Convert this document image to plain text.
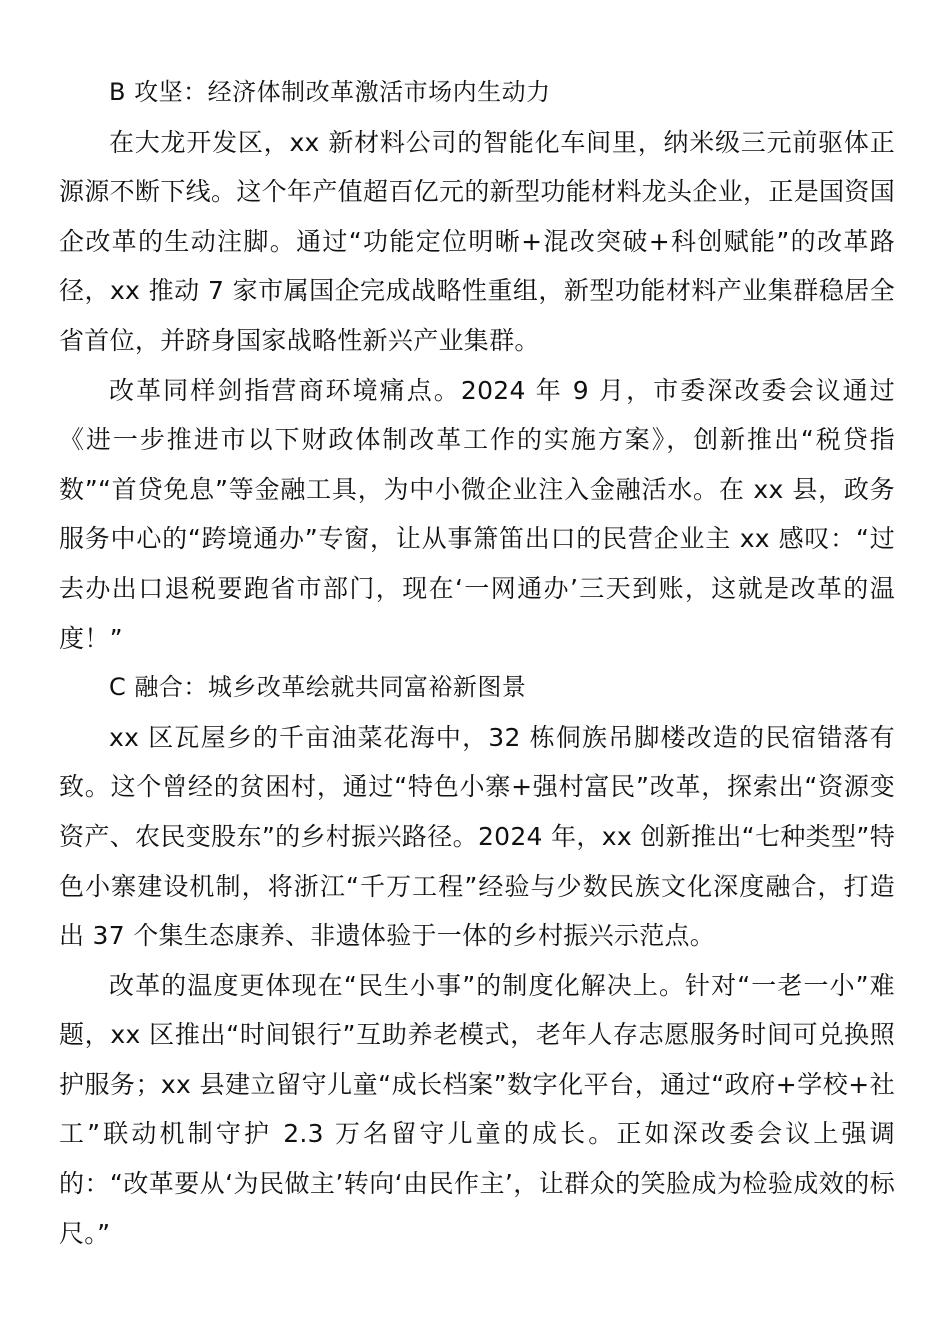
B 攻坚：经济体制改革激活市场内生动力

在大龙开发区，xx 新材料公司的智能化车间里，纳米级三元前驱体正源源不断下线。这个年产值超百亿元的新型功能材料龙头企业，正是国资国企改革的生动注脚。通过“功能定位明晰+混改突破+科创赋能”的改革路径，xx 推动 7 家市属国企完成战略性重组，新型功能材料产业集群稳居全省首位，并跻身国家战略性新兴产业集群。

改革同样剑指营商环境痛点。2024 年 9 月，市委深改委会议通过《进一步推进市以下财政体制改革工作的实施方案》，创新推出“税贷指数”“首贷免息”等金融工具，为中小微企业注入金融活水。在 xx 县，政务服务中心的“跨境通办”专窗，让从事箫笛出口的民营企业主 xx 感叹：“过去办出口退税要跑省市部门，现在‘一网通办’三天到账，这就是改革的温度！”

C 融合：城乡改革绘就共同富裕新图景

xx 区瓦屋乡的千亩油菜花海中，32 栋侗族吊脚楼改造的民宿错落有致。这个曾经的贫困村，通过“特色小寨+强村富民”改革，探索出“资源变资产、农民变股东”的乡村振兴路径。2024 年，xx 创新推出“七种类型”特色小寨建设机制，将浙江“千万工程”经验与少数民族文化深度融合，打造出 37 个集生态康养、非遗体验于一体的乡村振兴示范点。

改革的温度更体现在“民生小事”的制度化解决上。针对“一老一小”难题，xx 区推出“时间银行”互助养老模式，老年人存志愿服务时间可兑换照护服务；xx 县建立留守儿童“成长档案”数字化平台，通过“政府+学校+社工”联动机制守护 2.3 万名留守儿童的成长。正如深改委会议上强调的：“改革要从‘为民做主’转向‘由民作主’，让群众的笑脸成为检验成效的标尺。”
